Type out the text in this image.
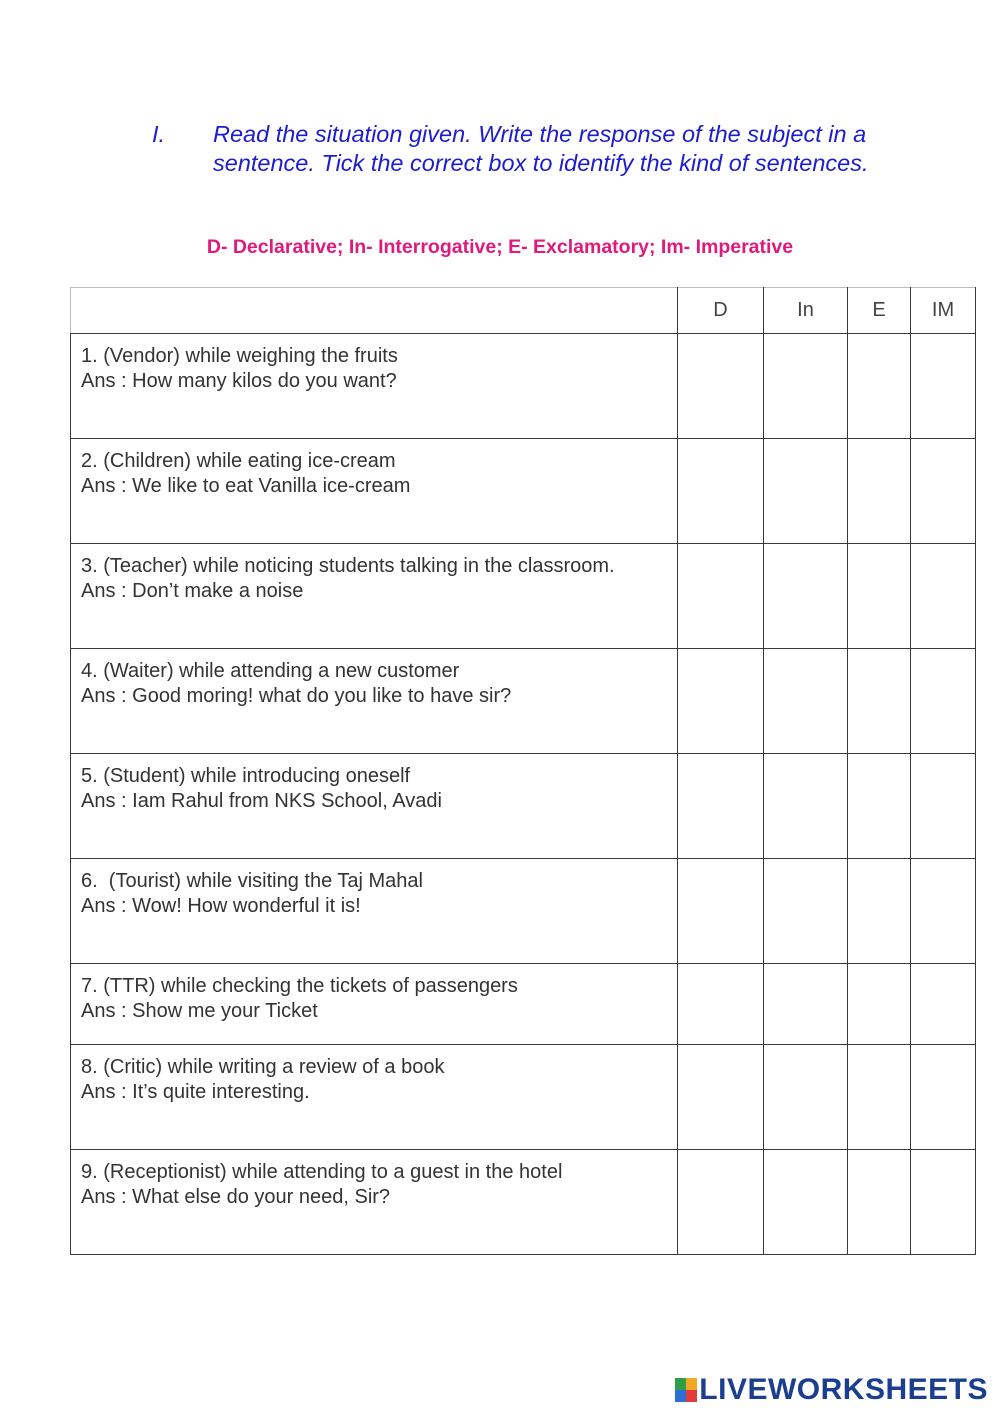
I. Read the situation given. Write the response of the subject in a sentence. Tick the correct box to identify the kind of sentences.
D- Declarative; In- Interrogative; E- Exclamatory; Im- Imperative
	D	In	E	IM

1. (Vendor) while weighing the fruits
Ans : How many kilos do you want?				

2. (Children) while eating ice-cream
Ans : We like to eat Vanilla ice-cream				

3. (Teacher) while noticing students talking in the classroom.
Ans : Don’t make a noise				

4. (Waiter) while attending a new customer
Ans : Good moring! what do you like to have sir?				

5. (Student) while introducing oneself
Ans : Iam Rahul from NKS School, Avadi				

6.  (Tourist) while visiting the Taj Mahal
Ans : Wow! How wonderful it is!				

7. (TTR) while checking the tickets of passengers
Ans : Show me your Ticket				

8. (Critic) while writing a review of a book
Ans : It’s quite interesting.				

9. (Receptionist) while attending to a guest in the hotel
Ans : What else do your need, Sir?				

LIVEWORKSHEETS
